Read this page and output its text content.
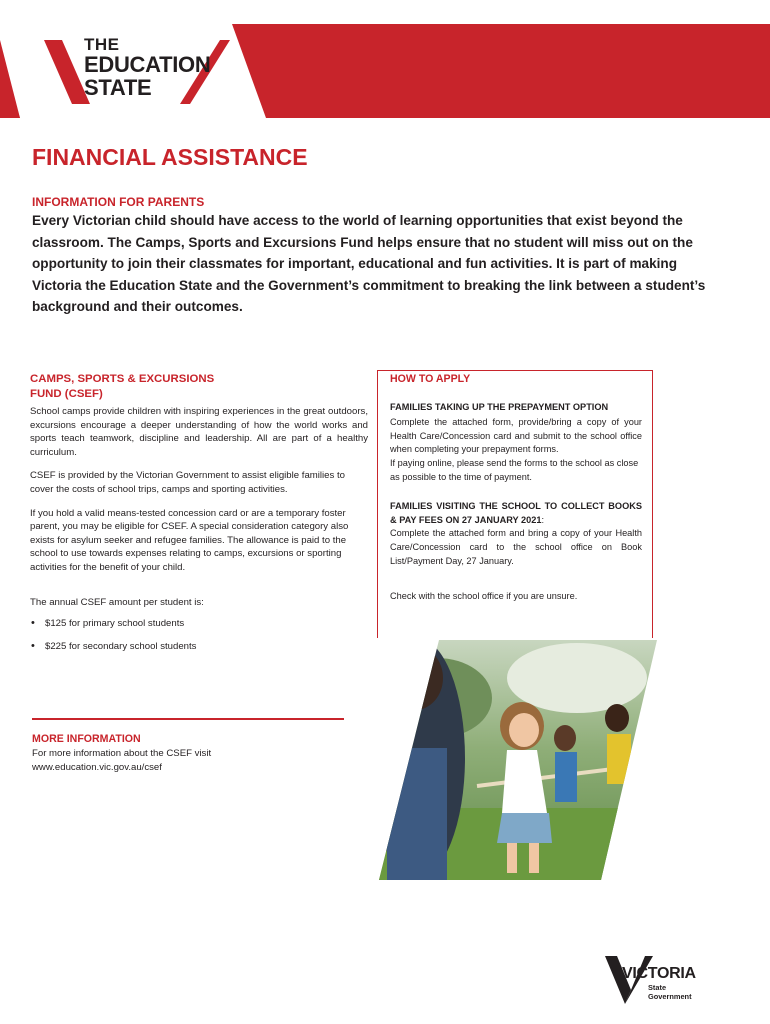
THE
EDUCATION
STATE
FINANCIAL ASSISTANCE
INFORMATION FOR PARENTS
Every Victorian child should have access to the world of learning opportunities that exist beyond the classroom. The Camps, Sports and Excursions Fund helps ensure that no student will miss out on the opportunity to join their classmates for important, educational and fun activities. It is part of making Victoria the Education State and the Government’s commitment to breaking the link between a student’s background and their outcomes.
CAMPS, SPORTS & EXCURSIONS
FUND (CSEF)

School camps provide children with inspiring experiences in the great outdoors, excursions encourage a deeper understanding of how the world works and sports teach teamwork, discipline and leadership. All are part of a healthy curriculum.

CSEF is provided by the Victorian Government to assist eligible families to cover the costs of school trips, camps and sporting activities.

If you hold a valid means-tested concession card or are a temporary foster parent, you may be eligible for CSEF. A special consideration category also exists for asylum seeker and refugee families. The allowance is paid to the school to use towards expenses relating to camps, excursions or sporting activities for the benefit of your child.

The annual CSEF amount per student is:

• $125 for primary school students
• $225 for secondary school students
MORE INFORMATION
For more information about the CSEF visit
www.education.vic.gov.au/csef
HOW TO APPLY

FAMILIES TAKING UP THE PREPAYMENT OPTION

Complete the attached form, provide/bring a copy of your Health Care/Concession card and submit to the school office when completing your prepayment forms.

If paying online, please send the forms to the school as close as possible to the time of payment.

FAMILIES VISITING THE SCHOOL TO COLLECT BOOKS & PAY FEES ON 27 JANUARY 2021:

Complete the attached form and bring a copy of your Health Care/Concession card to the school office on Book List/Payment Day, 27 January.

Check with the school office if you are unsure.

VICTORIA
State
Government
